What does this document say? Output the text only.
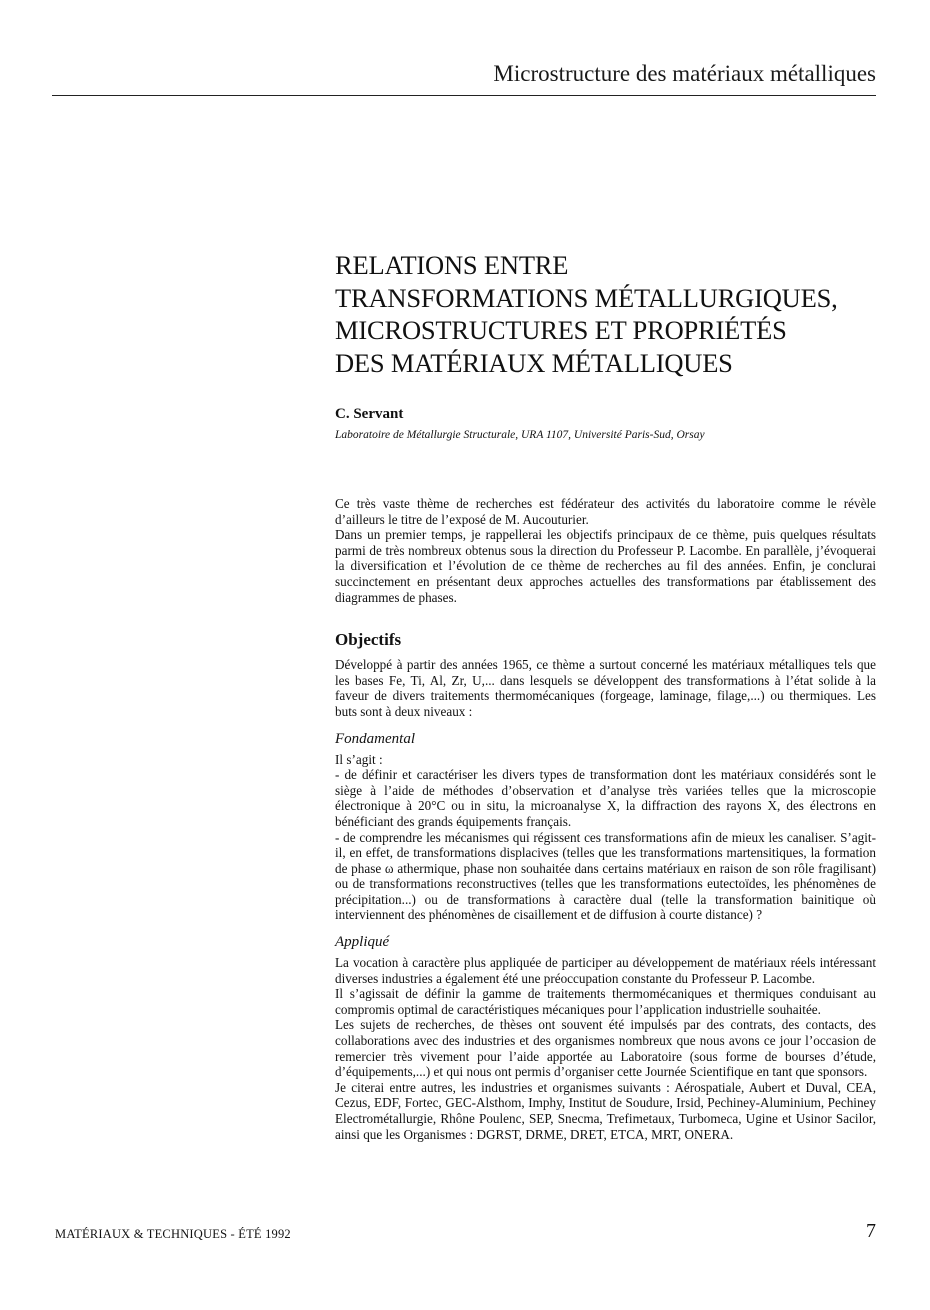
Microstructure des matériaux métalliques
RELATIONS ENTRE
TRANSFORMATIONS MÉTALLURGIQUES,
MICROSTRUCTURES ET PROPRIÉTÉS
DES MATÉRIAUX MÉTALLIQUES
C. Servant
Laboratoire de Métallurgie Structurale, URA 1107, Université Paris-Sud, Orsay

Ce très vaste thème de recherches est fédérateur des activités du laboratoire comme le révèle d’ailleurs le titre de l’exposé de M. Aucouturier.

Dans un premier temps, je rappellerai les objectifs principaux de ce thème, puis quelques résultats parmi de très nombreux obtenus sous la direction du Professeur P. Lacombe. En parallèle, j’évoquerai la diversification et l’évolution de ce thème de recherches au fil des années. Enfin, je conclurai succinctement en présentant deux approches actuelles des transformations par établissement des diagrammes de phases.

Objectifs

Développé à partir des années 1965, ce thème a surtout concerné les matériaux métalliques tels que les bases Fe, Ti, Al, Zr, U,... dans lesquels se développent des transformations à l’état solide à la faveur de divers traitements thermomécaniques (forgeage, laminage, filage,...) ou thermiques. Les buts sont à deux niveaux :

Fondamental

Il s’agit :

- de définir et caractériser les divers types de transformation dont les matériaux considérés sont le siège à l’aide de méthodes d’observation et d’analyse très variées telles que la microscopie électronique à 20°C ou in situ, la microanalyse X, la diffraction des rayons X, des électrons en bénéficiant des grands équipements français.

- de comprendre les mécanismes qui régissent ces transformations afin de mieux les canaliser. S’agit-il, en effet, de transformations displacives (telles que les transformations martensitiques, la formation de phase ω athermique, phase non souhaitée dans certains matériaux en raison de son rôle fragilisant) ou de transformations reconstructives (telles que les transformations eutectoïdes, les phénomènes de précipitation...) ou de transformations à caractère dual (telle la transformation bainitique où interviennent des phénomènes de cisaillement et de diffusion à courte distance) ?

Appliqué

La vocation à caractère plus appliquée de participer au développement de matériaux réels intéressant diverses industries a également été une préoccupation constante du Professeur P. Lacombe.

Il s’agissait de définir la gamme de traitements thermomécaniques et thermiques conduisant au compromis optimal de caractéristiques mécaniques pour l’application industrielle souhaitée.

Les sujets de recherches, de thèses ont souvent été impulsés par des contrats, des contacts, des collaborations avec des industries et des organismes nombreux que nous avons ce jour l’occasion de remercier très vivement pour l’aide apportée au Laboratoire (sous forme de bourses d’étude, d’équipements,...) et qui nous ont permis d’organiser cette Journée Scientifique en tant que sponsors.

Je citerai entre autres, les industries et organismes suivants : Aérospatiale, Aubert et Duval, CEA, Cezus, EDF, Fortec, GEC-Alsthom, Imphy, Institut de Soudure, Irsid, Pechiney-Aluminium, Pechiney Electrométallurgie, Rhône Poulenc, SEP, Snecma, Trefimetaux, Turbomeca, Ugine et Usinor Sacilor, ainsi que les Organismes : DGRST, DRME, DRET, ETCA, MRT, ONERA.

MATÉRIAUX & TECHNIQUES - ÉTÉ 1992	7
